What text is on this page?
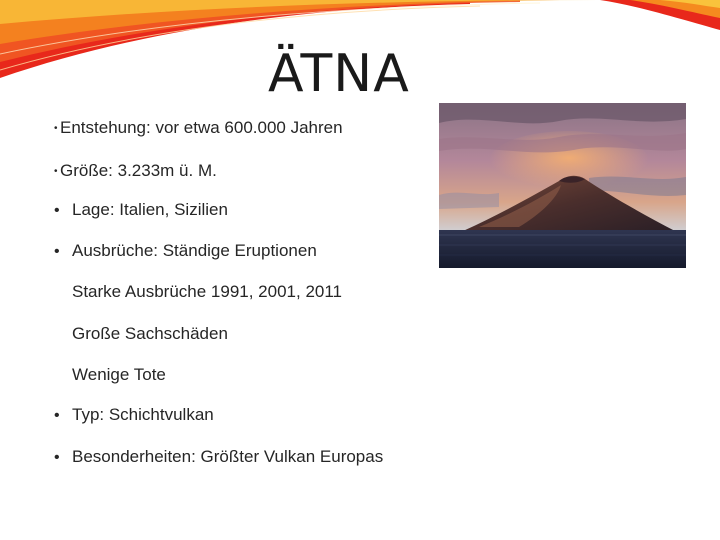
ÄTNA
• Entstehung: vor etwa 600.000 Jahren
• Größe: 3.233m ü. M.
• Lage: Italien, Sizilien
• Ausbrüche: Ständige Eruptionen
Starke Ausbrüche 1991, 2001, 2011
Große Sachschäden
Wenige Tote
• Typ: Schichtvulkan
• Besonderheiten: Größter Vulkan Europas
